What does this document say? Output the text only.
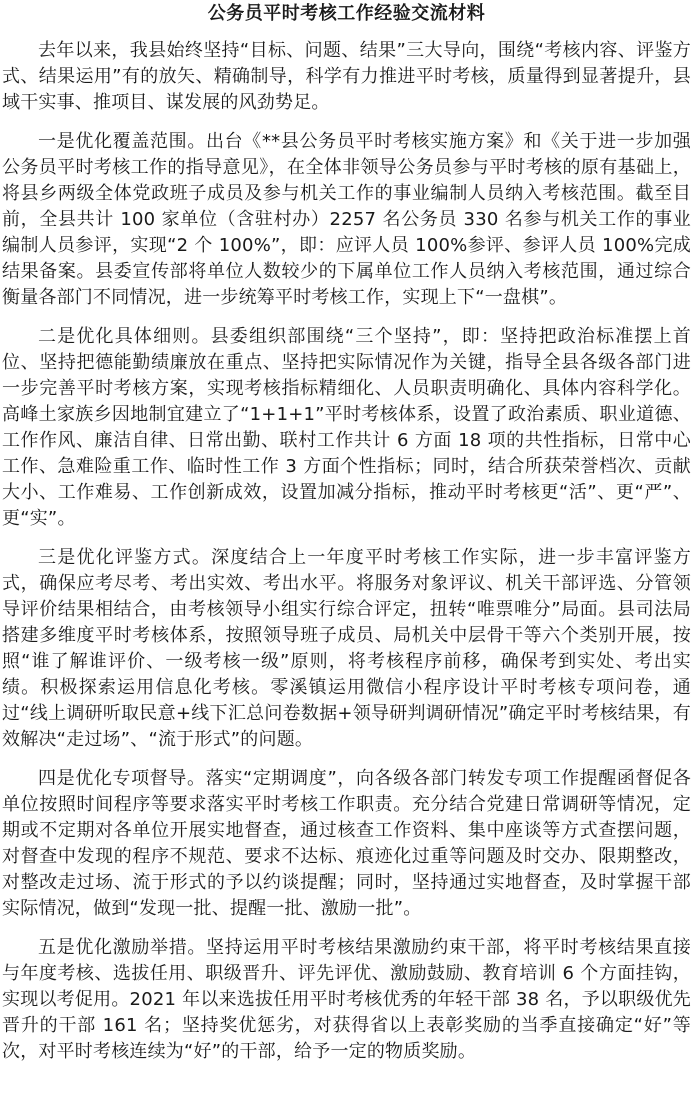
公务员平时考核工作经验交流材料

去年以来，我县始终坚持“目标、问题、结果”三大导向，围绕“考核内容、评鉴方式、结果运用”有的放矢、精确制导，科学有力推进平时考核，质量得到显著提升，县域干实事、推项目、谋发展的风劲势足。

一是优化覆盖范围。出台《**县公务员平时考核实施方案》和《关于进一步加强公务员平时考核工作的指导意见》，在全体非领导公务员参与平时考核的原有基础上，将县乡两级全体党政班子成员及参与机关工作的事业编制人员纳入考核范围。截至目前，全县共计 100 家单位（含驻村办）2257 名公务员 330 名参与机关工作的事业编制人员参评，实现“2 个 100%”，即：应评人员 100%参评、参评人员 100%完成结果备案。县委宣传部将单位人数较少的下属单位工作人员纳入考核范围，通过综合衡量各部门不同情况，进一步统筹平时考核工作，实现上下“一盘棋”。

二是优化具体细则。县委组织部围绕“三个坚持”，即：坚持把政治标准摆上首位、坚持把德能勤绩廉放在重点、坚持把实际情况作为关键，指导全县各级各部门进一步完善平时考核方案，实现考核指标精细化、人员职责明确化、具体内容科学化。高峰土家族乡因地制宜建立了“1+1+1”平时考核体系，设置了政治素质、职业道德、工作作风、廉洁自律、日常出勤、联村工作共计 6 方面 18 项的共性指标，日常中心工作、急难险重工作、临时性工作 3 方面个性指标；同时，结合所获荣誉档次、贡献大小、工作难易、工作创新成效，设置加减分指标，推动平时考核更“活”、更“严”、更“实”。

三是优化评鉴方式。深度结合上一年度平时考核工作实际，进一步丰富评鉴方式，确保应考尽考、考出实效、考出水平。将服务对象评议、机关干部评选、分管领导评价结果相结合，由考核领导小组实行综合评定，扭转“唯票唯分”局面。县司法局搭建多维度平时考核体系，按照领导班子成员、局机关中层骨干等六个类别开展，按照“谁了解谁评价、一级考核一级”原则，将考核程序前移，确保考到实处、考出实绩。积极探索运用信息化考核。零溪镇运用微信小程序设计平时考核专项问卷，通过“线上调研听取民意+线下汇总问卷数据+领导研判调研情况”确定平时考核结果，有效解决“走过场”、“流于形式”的问题。

四是优化专项督导。落实“定期调度”，向各级各部门转发专项工作提醒函督促各单位按照时间程序等要求落实平时考核工作职责。充分结合党建日常调研等情况，定期或不定期对各单位开展实地督查，通过核查工作资料、集中座谈等方式查摆问题，对督查中发现的程序不规范、要求不达标、痕迹化过重等问题及时交办、限期整改，对整改走过场、流于形式的予以约谈提醒；同时，坚持通过实地督查，及时掌握干部实际情况，做到“发现一批、提醒一批、激励一批”。

五是优化激励举措。坚持运用平时考核结果激励约束干部，将平时考核结果直接与年度考核、选拔任用、职级晋升、评先评优、激励鼓励、教育培训 6 个方面挂钩，实现以考促用。2021 年以来选拔任用平时考核优秀的年轻干部 38 名，予以职级优先晋升的干部 161 名；坚持奖优惩劣，对获得省以上表彰奖励的当季直接确定“好”等次，对平时考核连续为“好”的干部，给予一定的物质奖励。
